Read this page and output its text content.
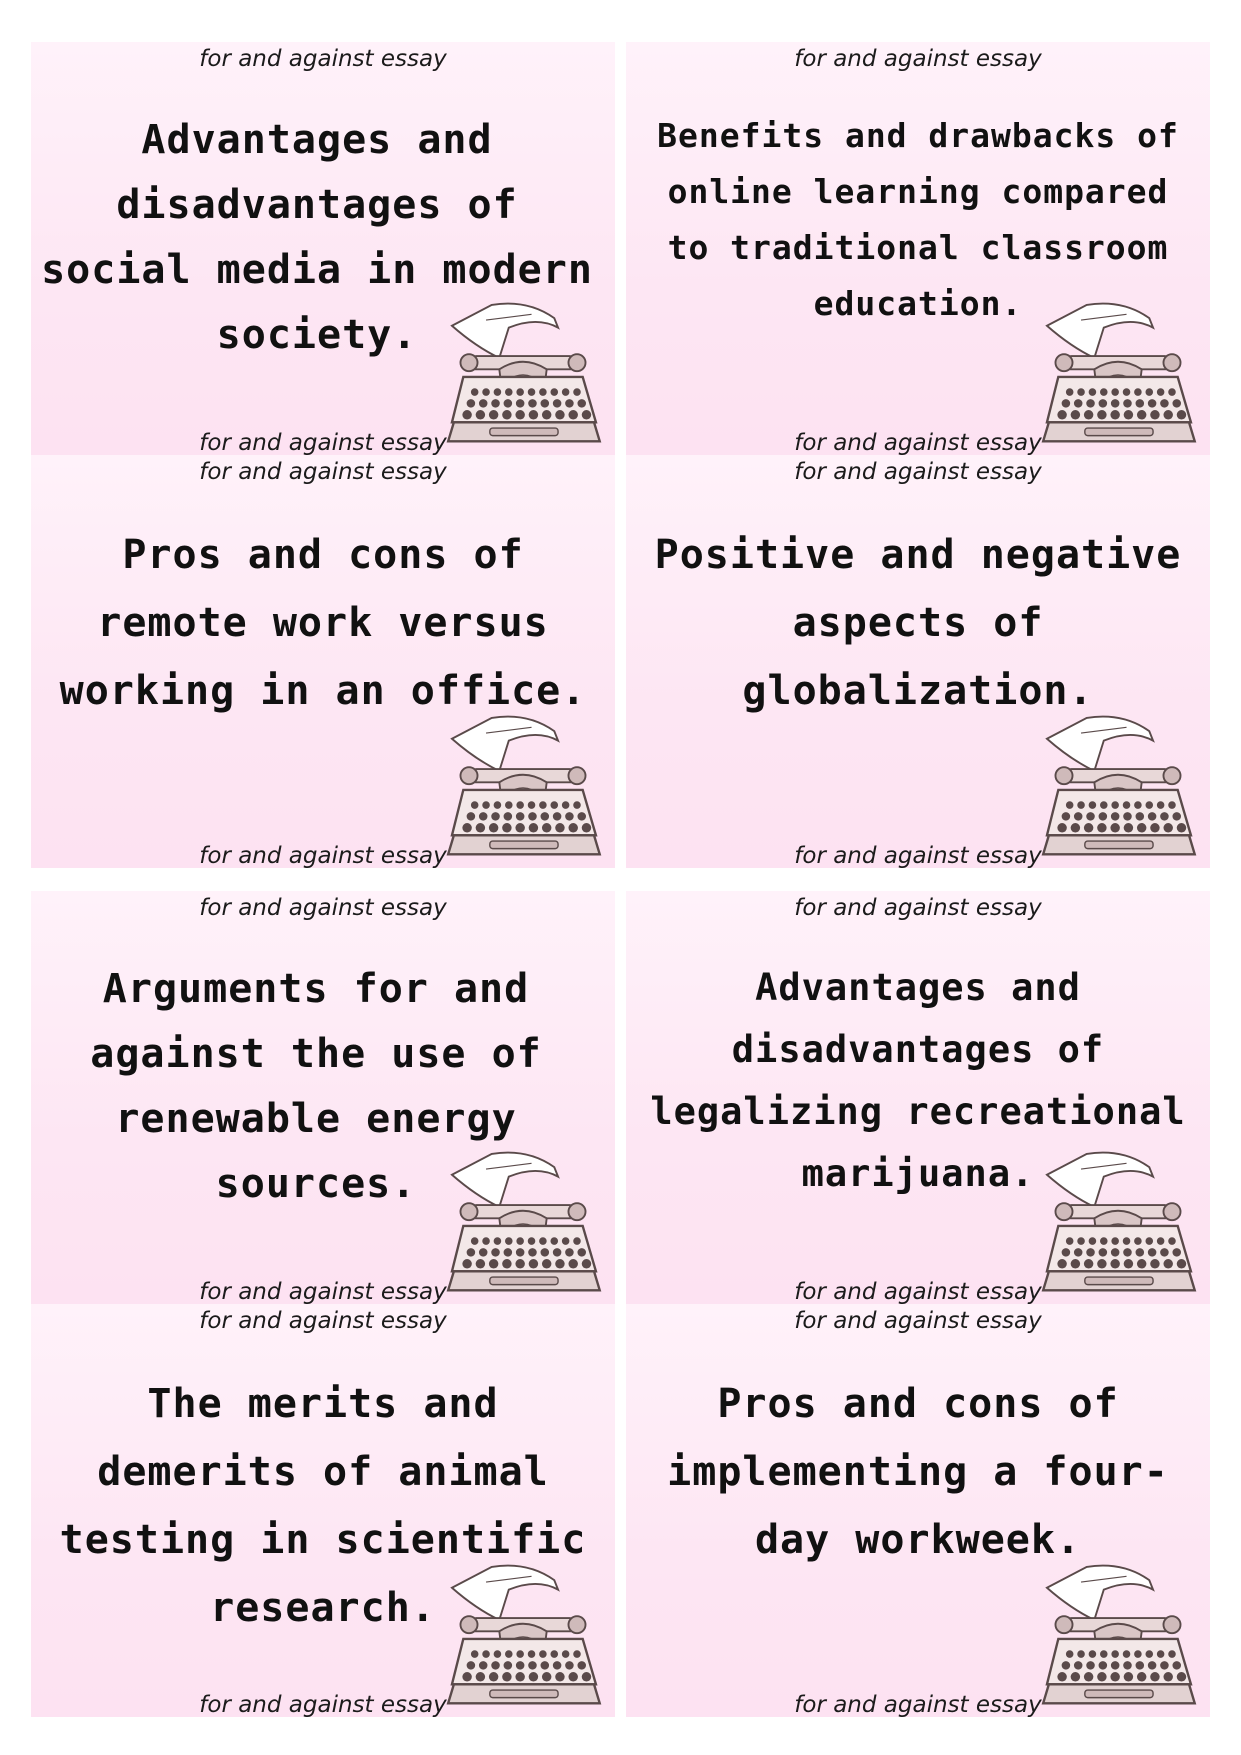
for and against essay
Advantages and disadvantages of social media in modern society.
for and against essay
for and against essay
Benefits and drawbacks of online learning compared to traditional classroom education.
for and against essay
for and against essay
Pros and cons of remote work versus working in an office.
for and against essay
for and against essay
Positive and negative aspects of globalization.
for and against essay
for and against essay
Arguments for and against the use of renewable energy sources.
for and against essay
for and against essay
Advantages and disadvantages of legalizing recreational marijuana.
for and against essay
for and against essay
The merits and demerits of animal testing in scientific research.
for and against essay
for and against essay
Pros and cons of implementing a four-day workweek.
for and against essay
